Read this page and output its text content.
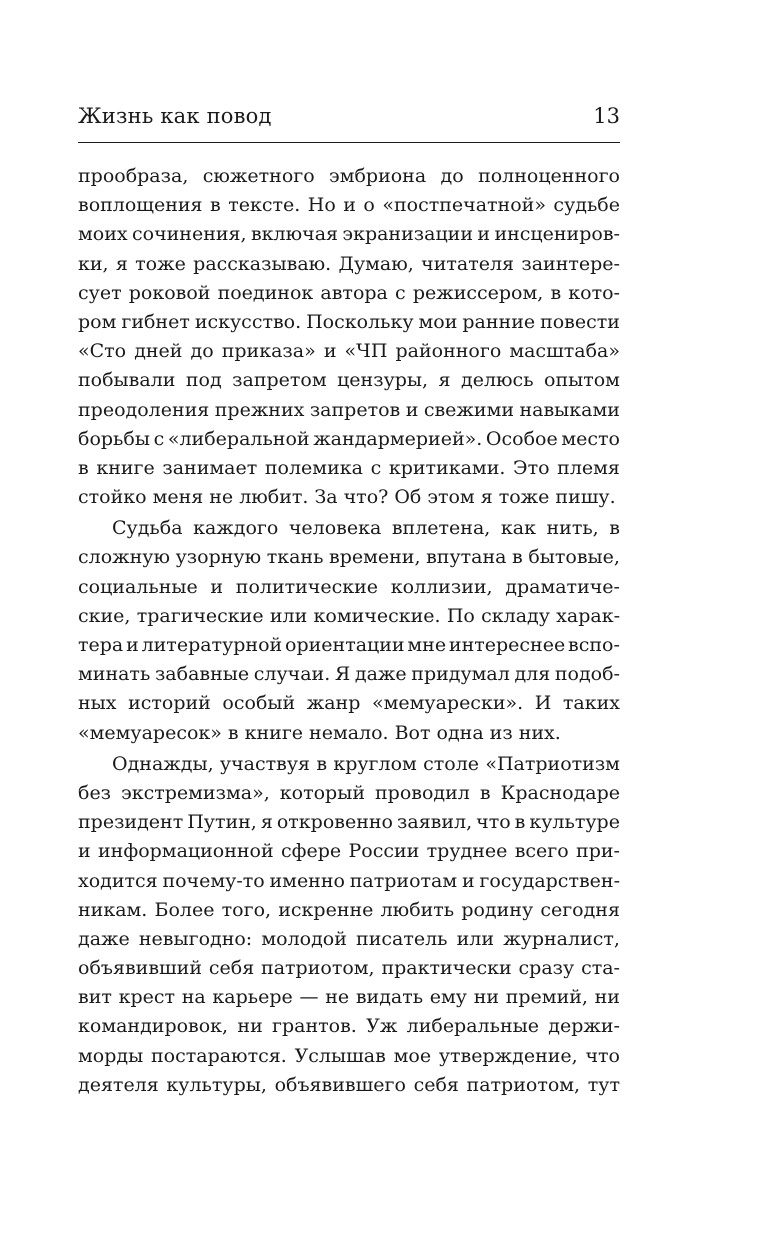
Жизнь как повод	13
прообраза, сюжетного эмбриона до полноценного
воплощения в тексте. Но и о «постпечатной» судьбе
моих сочинения, включая экранизации и инсцениров-
ки, я тоже рассказываю. Думаю, читателя заинтере-
сует роковой поединок автора с режиссером, в кото-
ром гибнет искусство. Поскольку мои ранние повести
«Сто дней до приказа» и «ЧП районного масштаба»
побывали под запретом цензуры, я делюсь опытом
преодоления прежних запретов и свежими навыками
борьбы с «либеральной жандармерией». Особое место
в книге занимает полемика с критиками. Это племя
стойко меня не любит. За что? Об этом я тоже пишу.
Судьба каждого человека вплетена, как нить, в
сложную узорную ткань времени, впутана в бытовые,
социальные и политические коллизии, драматиче-
ские, трагические или комические. По складу харак-
тера и литературной ориентации мне интереснее вспо-
минать забавные случаи. Я даже придумал для подоб-
ных историй особый жанр «мемуарески». И таких
«мемуаресок» в книге немало. Вот одна из них.
Однажды, участвуя в круглом столе «Патриотизм
без экстремизма», который проводил в Краснодаре
президент Путин, я откровенно заявил, что в культуре
и информационной сфере России труднее всего при-
ходится почему-то именно патриотам и государствен-
никам. Более того, искренне любить родину сегодня
даже невыгодно: молодой писатель или журналист,
объявивший себя патриотом, практически сразу ста-
вит крест на карьере — не видать ему ни премий, ни
командировок, ни грантов. Уж либеральные держи-
морды постараются. Услышав мое утверждение, что
деятеля культуры, объявившего себя патриотом, тут
